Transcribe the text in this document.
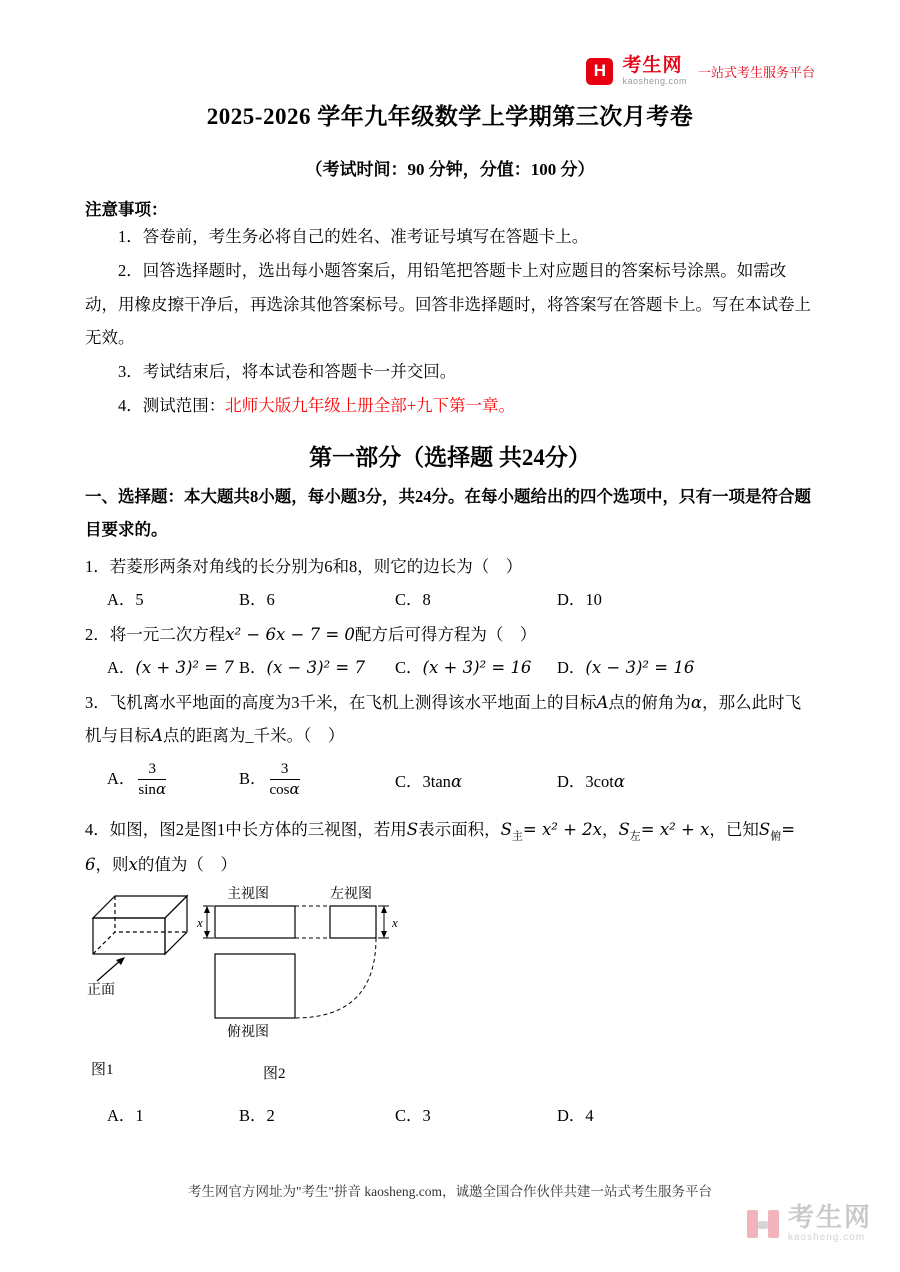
H 考生网
kaosheng.com
一站式考生服务平台
2025-2026 学年九年级数学上学期第三次月考卷
（考试时间：90 分钟，分值：100 分）
注意事项：

1．答卷前，考生务必将自己的姓名、准考证号填写在答题卡上。

2．回答选择题时，选出每小题答案后，用铅笔把答题卡上对应题目的答案标号涂黑。如需改动，用橡皮擦干净后，再选涂其他答案标号。回答非选择题时，将答案写在答题卡上。写在本试卷上无效。

3．考试结束后，将本试卷和答题卡一并交回。

4．测试范围：北师大版九年级上册全部+九下第一章。

第一部分（选择题 共24分）

一、选择题：本大题共8小题，每小题3分，共24分。在每小题给出的四个选项中，只有一项是符合题目要求的。

1．若菱形两条对角线的长分别为6和8，则它的边长为（　）

A．5	B．6	C．8	D．10

2．将一元二次方程x² − 6x − 7 = 0配方后可得方程为（　）

A．(x + 3)² = 7 B．(x − 3)² = 7	C．(x + 3)² = 16	D．(x − 3)² = 16

3．飞机离水平地面的高度为3千米，在飞机上测得该水平地面上的目标A点的俯角为α，那么此时飞机与目标A点的距离为_千米。（　）

A． $\frac{3}{\sin\alpha}$	B． $\frac{3}{\cos\alpha}$	C．3tanα	D．3cotα

4．如图，图2是图1中长方体的三视图，若用S表示面积，$S_主= x^2 + 2x$，$S_左= x^2 + x$，已知$S_俯= 6$，则x的值为（　）

正面
主视图	左视图
x	x
俯视图
图1	图2
A．1	B．2	C．3	D．4
考生网官方网址为"考生"拼音 kaosheng.com，诚邀全国合作伙伴共建一站式考生服务平台
考生网
kaosheng.com
